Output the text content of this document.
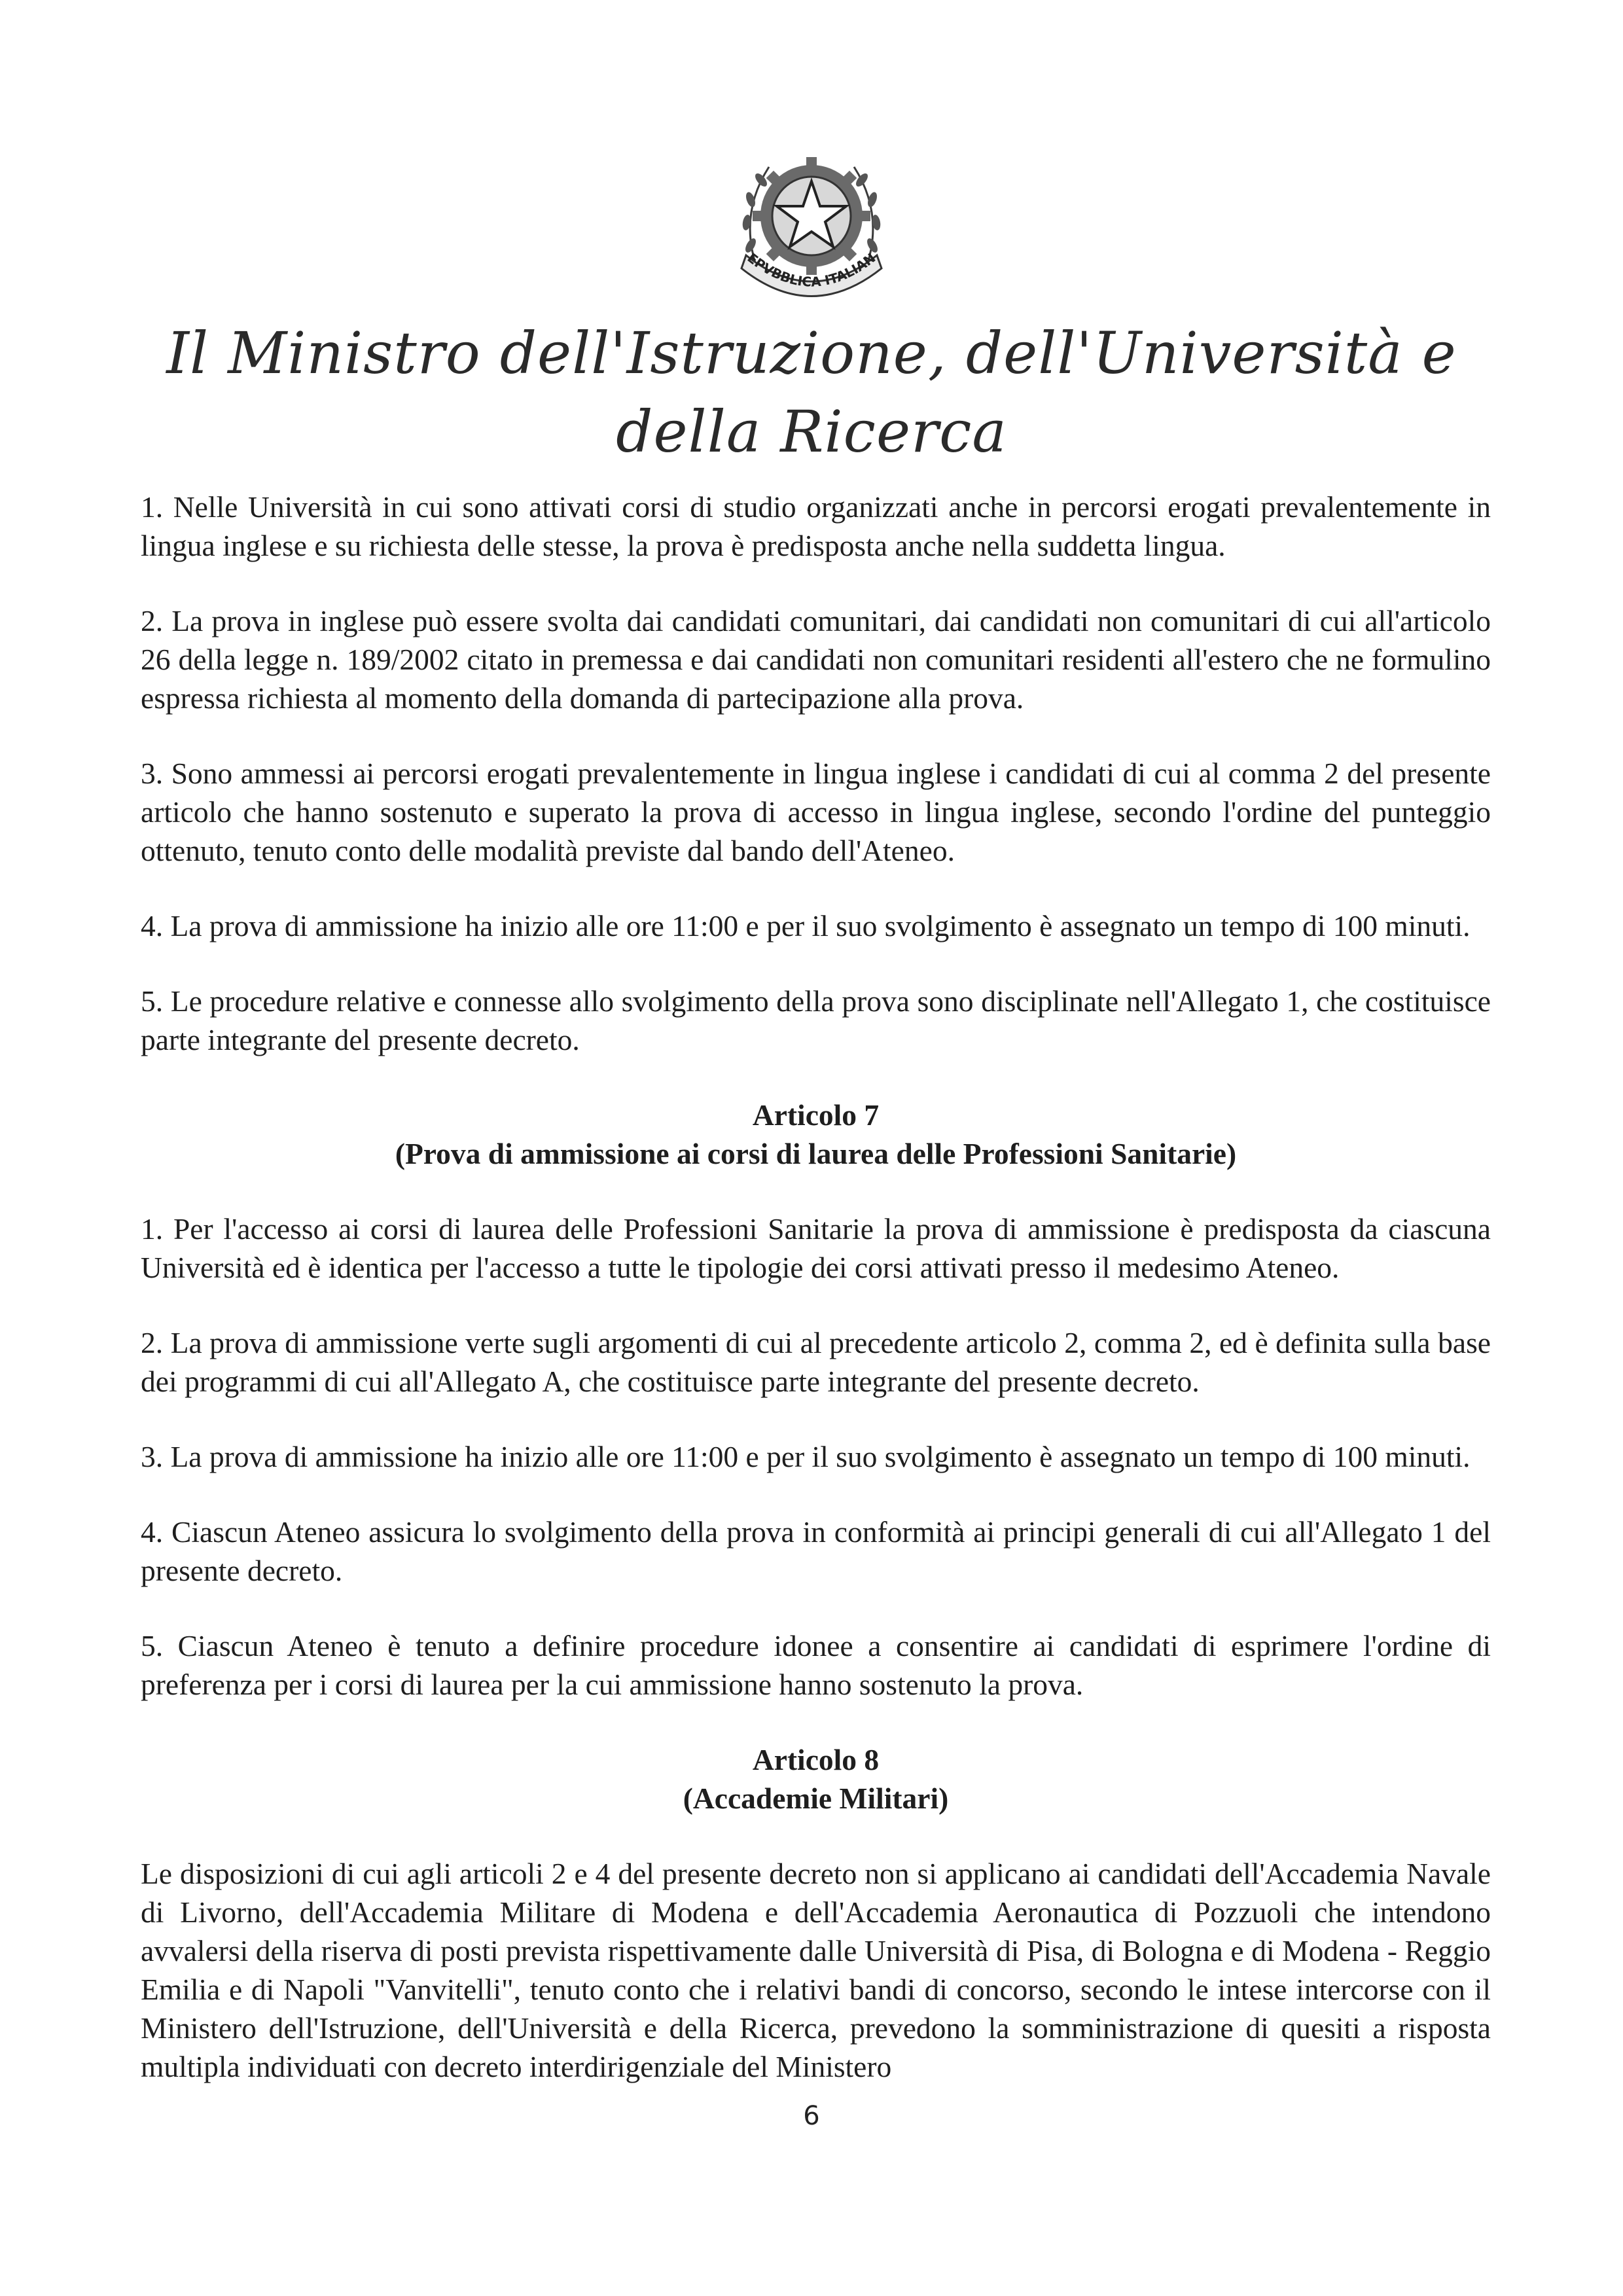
EPVBBLICA ITALIAN
Il Ministro dell'Istruzione, dell'Università e della Ricerca

1. Nelle Università in cui sono attivati corsi di studio organizzati anche in percorsi erogati prevalentemente in lingua inglese e su richiesta delle stesse, la prova è predisposta anche nella suddetta lingua.

2. La prova in inglese può essere svolta dai candidati comunitari, dai candidati non comunitari di cui all'articolo 26 della legge n. 189/2002 citato in premessa e dai candidati non comunitari residenti all'estero che ne formulino espressa richiesta al momento della domanda di partecipazione alla prova.

3. Sono ammessi ai percorsi erogati prevalentemente in lingua inglese i candidati di cui al comma 2 del presente articolo che hanno sostenuto e superato la prova di accesso in lingua inglese, secondo l'ordine del punteggio ottenuto, tenuto conto delle modalità previste dal bando dell'Ateneo.

4. La prova di ammissione ha inizio alle ore 11:00 e per il suo svolgimento è assegnato un tempo di 100 minuti.

5. Le procedure relative e connesse allo svolgimento della prova sono disciplinate nell'Allegato 1, che costituisce parte integrante del presente decreto.

Articolo 7
(Prova di ammissione ai corsi di laurea delle Professioni Sanitarie)

1. Per l'accesso ai corsi di laurea delle Professioni Sanitarie la prova di ammissione è predisposta da ciascuna Università ed è identica per l'accesso a tutte le tipologie dei corsi attivati presso il medesimo Ateneo.

2. La prova di ammissione verte sugli argomenti di cui al precedente articolo 2, comma 2, ed è definita sulla base dei programmi di cui all'Allegato A, che costituisce parte integrante del presente decreto.

3. La prova di ammissione ha inizio alle ore 11:00 e per il suo svolgimento è assegnato un tempo di 100 minuti.

4. Ciascun Ateneo assicura lo svolgimento della prova in conformità ai principi generali di cui all'Allegato 1 del presente decreto.

5. Ciascun Ateneo è tenuto a definire procedure idonee a consentire ai candidati di esprimere l'ordine di preferenza per i corsi di laurea per la cui ammissione hanno sostenuto la prova.

Articolo 8
(Accademie Militari)

Le disposizioni di cui agli articoli 2 e 4 del presente decreto non si applicano ai candidati dell'Accademia Navale di Livorno, dell'Accademia Militare di Modena e dell'Accademia Aeronautica di Pozzuoli che intendono avvalersi della riserva di posti prevista rispettivamente dalle Università di Pisa, di Bologna e di Modena - Reggio Emilia e di Napoli "Vanvitelli", tenuto conto che i relativi bandi di concorso, secondo le intese intercorse con il Ministero dell'Istruzione, dell'Università e della Ricerca, prevedono la somministrazione di quesiti a risposta multipla individuati con decreto interdirigenziale del Ministero

6
